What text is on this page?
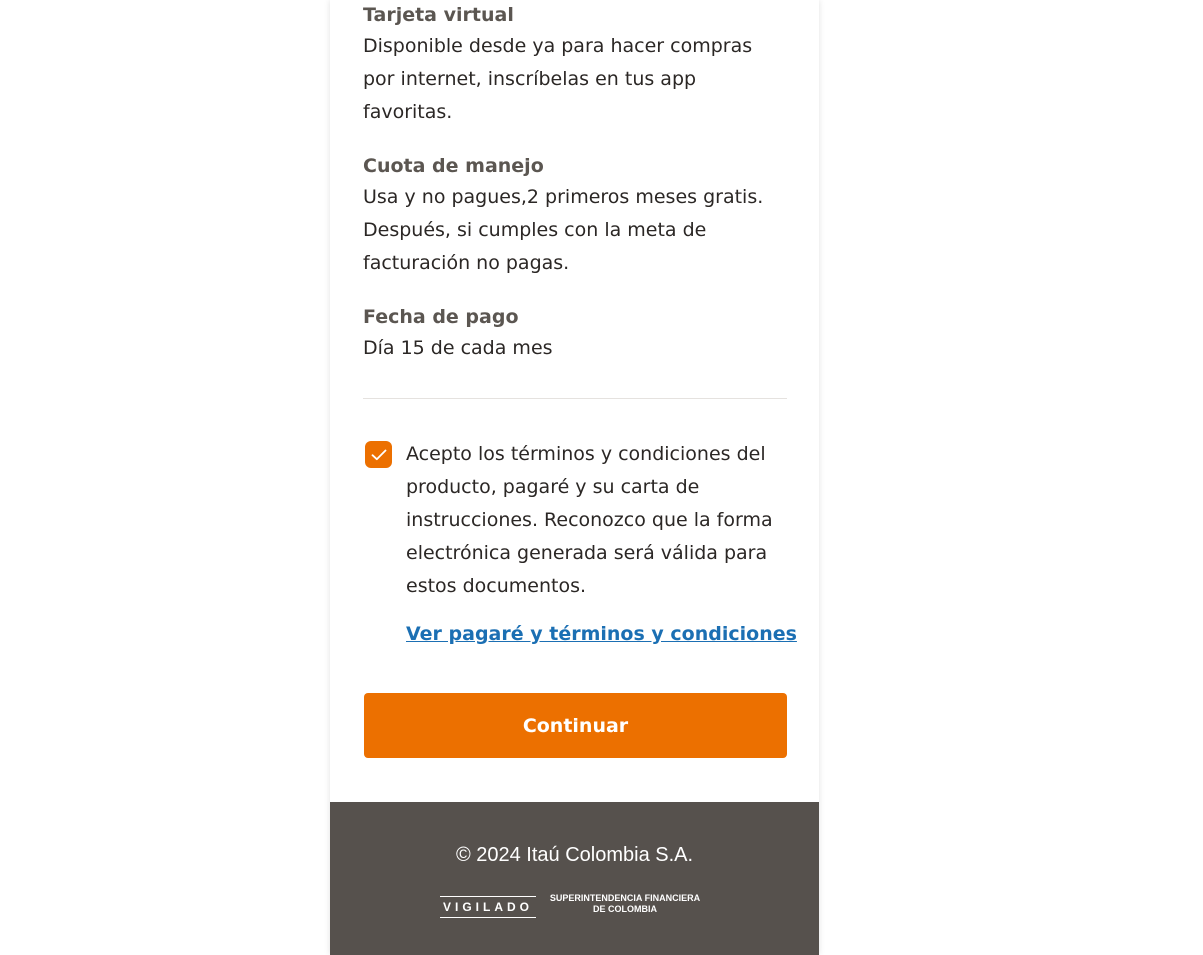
Tarjeta virtual
Disponible desde ya para hacer compras por internet, inscríbelas en tus app favoritas.
Cuota de manejo
Usa y no pagues,2 primeros meses gratis. Después, si cumples con la meta de facturación no pagas.
Fecha de pago
Día 15 de cada mes
Acepto los términos y condiciones del producto, pagaré y su carta de instrucciones. Reconozco que la forma electrónica generada será válida para estos documentos.
Ver pagaré y términos y condiciones
Continuar
© 2024 Itaú Colombia S.A.
VIGILADO
SUPERINTENDENCIA FINANCIERA
DE COLOMBIA
